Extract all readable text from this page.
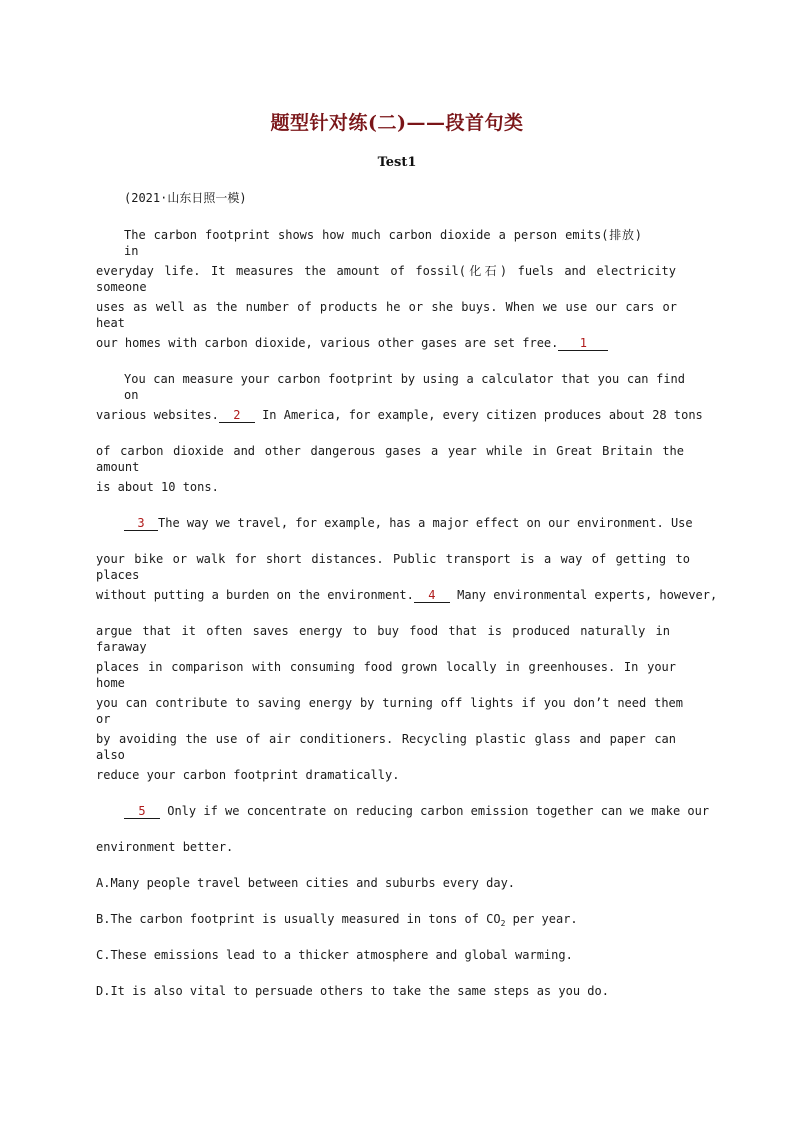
题型针对练(二)——段首句类
Test1
(2021·山东日照一模)
The carbon footprint shows how much carbon dioxide a person emits(排放) in
everyday life. It measures the amount of fossil(化石) fuels and electricity someone
uses as well as the number of products he or she buys. When we use our cars or heat
our homes with carbon dioxide, various other gases are set free. 1
You can measure your carbon footprint by using a calculator that you can find on
various websites. 2 In America, for example, every citizen produces about 28 tons
of carbon dioxide and other dangerous gases a year while in Great Britain the amount
is about 10 tons.
3 The way we travel, for example, has a major effect on our environment. Use
your bike or walk for short distances. Public transport is a way of getting to places
without putting a burden on the environment. 4 Many environmental experts, however,
argue that it often saves energy to buy food that is produced naturally in faraway
places in comparison with consuming food grown locally in greenhouses. In your home
you can contribute to saving energy by turning off lights if you don’t need them or
by avoiding the use of air conditioners. Recycling plastic glass and paper can also
reduce your carbon footprint dramatically.
5 Only if we concentrate on reducing carbon emission together can we make our
environment better.
A.Many people travel between cities and suburbs every day.
B.The carbon footprint is usually measured in tons of $CO_2$ per year.
C.These emissions lead to a thicker atmosphere and global warming.
D.It is also vital to persuade others to take the same steps as you do.
